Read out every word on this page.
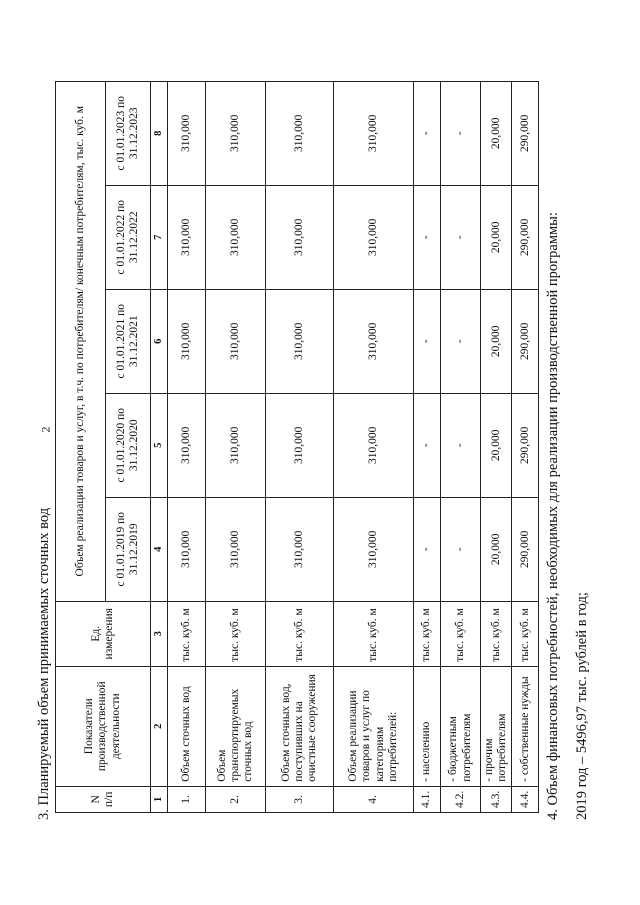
2
3. Планируемый объем принимаемых сточных вод	N п/п	Показатели производственной деятельности	Ед. измерения	Объем реализации товаров и услуг, в т.ч. по потребителям/ конечным потребителям, тыс. куб. м				
			с 01.01.2019 по 31.12.2019	с 01.01.2020 по 31.12.2020	с 01.01.2021 по 31.12.2021	с 01.01.2022 по 31.12.2022	с 01.01.2023 по 31.12.2023
1	2	3	4	5	6	7	8
1.	Объем сточных вод	тыс. куб. м	310,000	310,000	310,000	310,000	310,000
2.	Объем транспортируемых сточных вод	тыс. куб. м	310,000	310,000	310,000	310,000	310,000
3.	Объем сточных вод, поступивших на очистные сооружения	тыс. куб. м	310,000	310,000	310,000	310,000	310,000
4.	Объем реализации товаров и услуг по категориям потребителей:	тыс. куб. м	310,000	310,000	310,000	310,000	310,000
4.1.	- населению	тыс. куб. м	-	-	-	-	-
4.2.	- бюджетным потребителям	тыс. куб. м	-	-	-	-	-
4.3.	- прочим потребителям	тыс. куб. м	20,000	20,000	20,000	20,000	20,000
4.4.	- собственные нужды	тыс. куб. м	290,000	290,000	290,000	290,000	290,000
4. Объем финансовых потребностей, необходимых для реализации производственной программы: 2019 год – 5496,97 тыс. рублей в год;
